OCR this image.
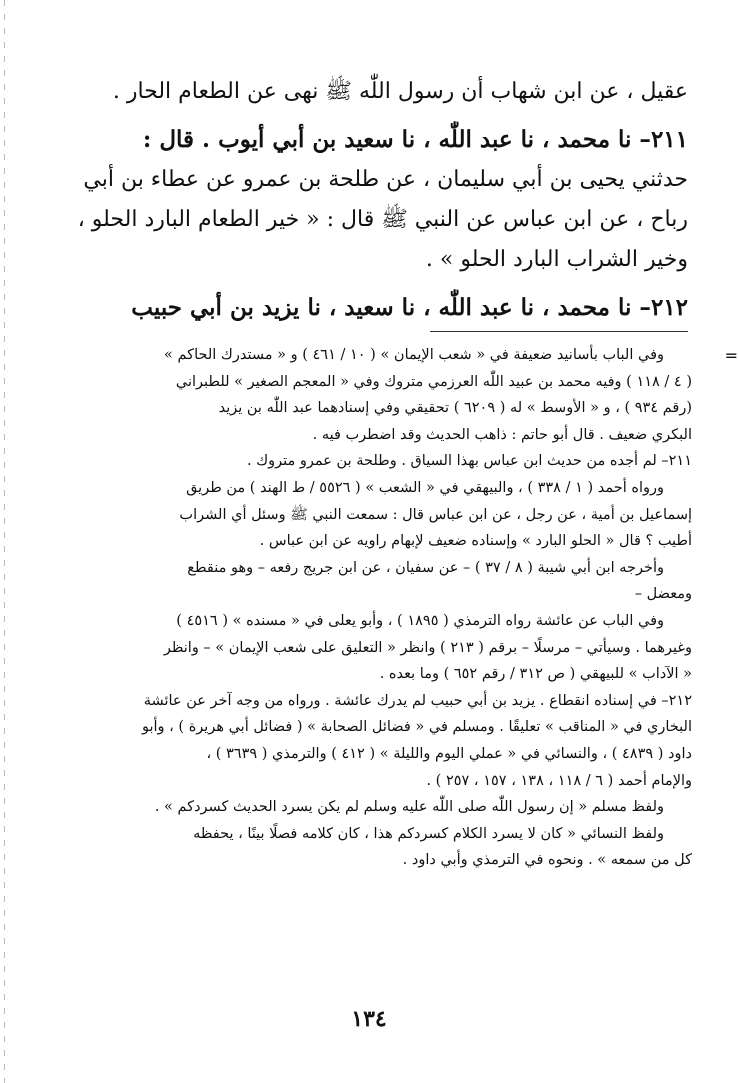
عقيل ، عن ابن شهاب أن رسول اللّٰه ﷺ نهى عن الطعام الحار .
٢١١– نا محمد ، نا عبد اللّٰه ، نا سعيد بن أبي أيوب . قال :
حدثني يحيى بن أبي سليمان ، عن طلحة بن عمرو عن عطاء بن أبي
رباح ، عن ابن عباس عن النبي ﷺ قال : « خير الطعام البارد الحلو ،
وخير الشراب البارد الحلو » .
٢١٢– نا محمد ، نا عبد اللّٰه ، نا سعيد ، نا يزيد بن أبي حبيب
=
وفي الباب بأسانيد ضعيفة في « شعب الإيمان » ( ١٠ / ٤٦١ ) و « مستدرك الحاكم »
( ٤ / ١١٨ ) وفيه محمد بن عبيد اللّٰه العرزمي متروك وفي « المعجم الصغير » للطبراني
(رقم ٩٣٤ ) ، و « الأوسط » له ( ٦٢٠٩ ) تحقيقي وفي إسنادهما عبد اللّٰه بن يزيد
البكري ضعيف . قال أبو حاتم : ذاهب الحديث وقد اضطرب فيه .
٢١١– لم أجده من حديث ابن عباس بهذا السياق . وطلحة بن عمرو متروك .
ورواه أحمد ( ١ / ٣٣٨ ) ، والبيهقي في « الشعب » ( ٥٥٢٦ / ط الهند ) من طريق
إسماعيل بن أمية ، عن رجل ، عن ابن عباس قال : سمعت النبي ﷺ وسئل أي الشراب
أطيب ؟ قال « الحلو البارد » وإسناده ضعيف لإبهام راويه عن ابن عباس .
وأخرجه ابن أبي شيبة ( ٨ / ٣٧ ) – عن سفيان ، عن ابن جريج رفعه – وهو منقطع
ومعضل –
وفي الباب عن عائشة رواه الترمذي ( ١٨٩٥ ) ، وأبو يعلى في « مسنده » ( ٤٥١٦ )
وغيرهما . وسيأتي – مرسلًا – برقم ( ٢١٣ ) وانظر « التعليق على شعب الإيمان » – وانظر
« الآداب » للبيهقي ( ص ٣١٢ / رقم ٦٥٢ ) وما بعده .
٢١٢– في إسناده انقطاع . يزيد بن أبي حبيب لم يدرك عائشة . ورواه من وجه آخر عن عائشة
البخاري في « المناقب » تعليقًا . ومسلم في « فضائل الصحابة » ( فضائل أبي هريرة ) ، وأبو
داود ( ٤٨٣٩ ) ، والنسائي في « عملي اليوم والليلة » ( ٤١٢ ) والترمذي ( ٣٦٣٩ ) ،
والإمام أحمد ( ٦ / ١١٨ ، ١٣٨ ، ١٥٧ ، ٢٥٧ ) .
ولفظ مسلم « إن رسول اللّٰه صلى اللّٰه عليه وسلم لم يكن يسرد الحديث كسردكم » .
ولفظ النسائي « كان لا يسرد الكلام كسردكم هذا ، كان كلامه فصلًا بينًا ، يحفظه
كل من سمعه » . ونحوه في الترمذي وأبي داود .
١٣٤
